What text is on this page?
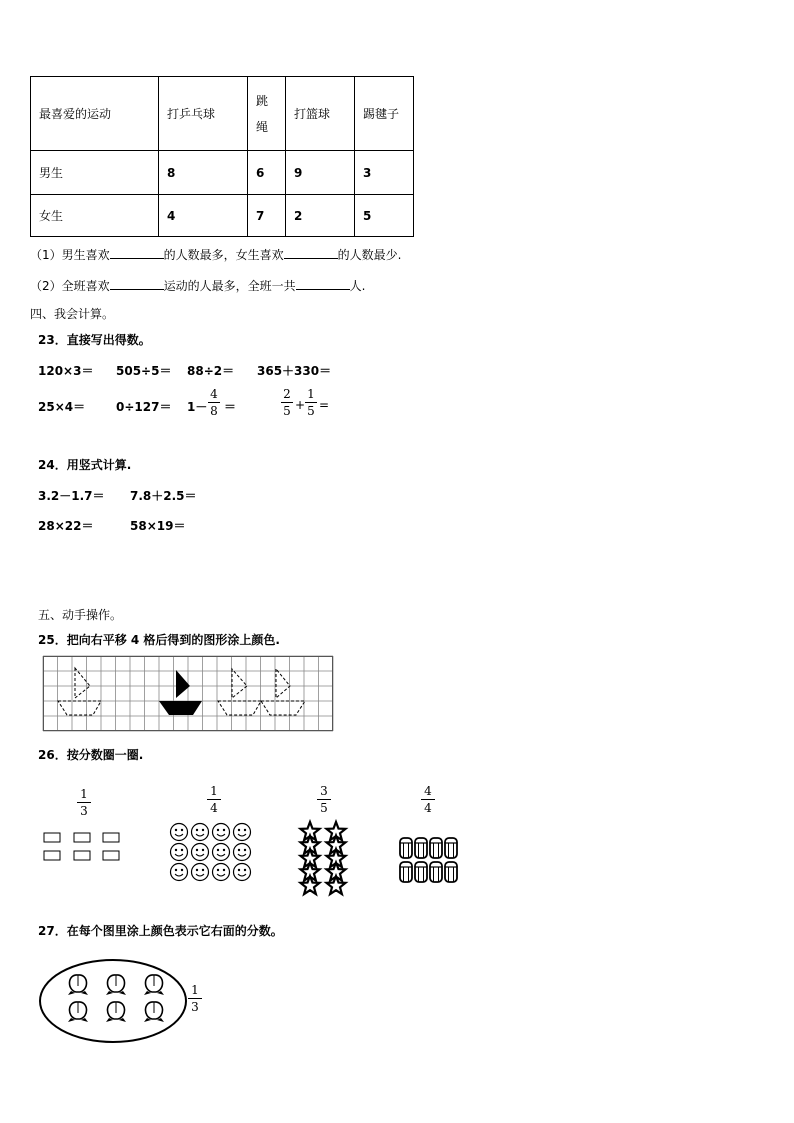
最喜爱的运动	打乒乓球	跳绳	打篮球	踢毽子
男生	8	6	9	3
女生	4	7	2	5
（1）男生喜欢	的人数最多，女生喜欢	的人数最少.
（2）全班喜欢	运动的人最多，全班一共	人.
四、我会计算。
23．直接写出得数。
120×3＝ 505÷5＝ 88÷2＝ 365＋330＝
25×4＝	0÷127＝ 1－
4
8 ＝
2
5 +
1
5 =
24．用竖式计算.
3.2－1.7＝ 7.8＋2.5＝
28×22＝	58×19＝
五、动手操作。
25．把向右平移 4 格后得到的图形涂上颜色.
26．按分数圈一圈.
1
3
1
4
3
5
4
4
27．在每个图里涂上颜色表示它右面的分数。
1
3
